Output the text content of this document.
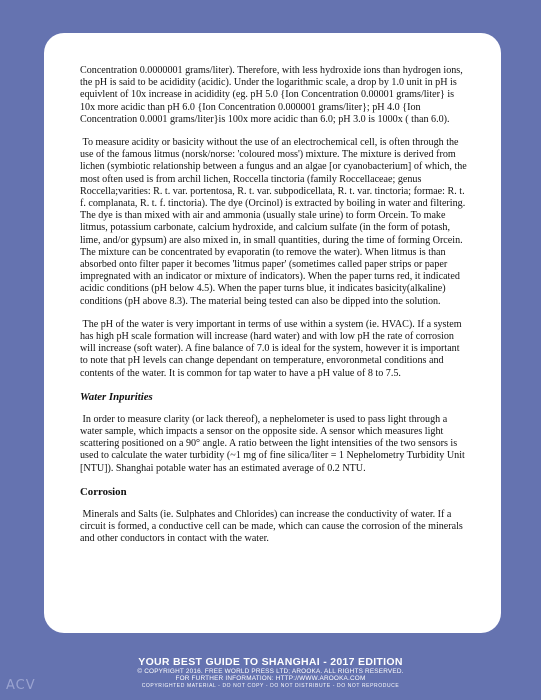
Concentration 0.0000001 grams/liter). Therefore, with less hydroxide ions than hydrogen ions, the pH is said to be acididity (acidic). Under the logarithmic scale, a drop by 1.0 unit in pH is equivlent of 10x increase in acididity (eg. pH 5.0 {Ion Concentration 0.00001 grams/liter} is 10x more acidic than pH 6.0 {Ion Concentration 0.000001 grams/liter}; pH 4.0 {Ion Concentration 0.0001 grams/liter}is 100x more acidic than 6.0; pH 3.0 is 1000x ( than 6.0).

To measure acidity or basicity without the use of an electrochemical cell, is often through the use of the famous litmus (norsk/norse: 'coloured moss') mixture. The mixture is derived from lichen (symbiotic relationship between a fungus and an algae [or cyanobacterium] of which, the most often used is from archil lichen, Roccella tinctoria (family Roccellaceae; genus Roccella;varities: R. t. var. portentosa, R. t. var. subpodicellata, R. t. var. tinctoria; formae: R. t. f. complanata, R. t. f. tinctoria). The dye (Orcinol) is extracted by boiling in water and filtering. The dye is than mixed with air and ammonia (usually stale urine) to form Orcein. To make litmus, potassium carbonate, calcium hydroxide, and calcium sulfate (in the form of potash, lime, and/or gypsum) are also mixed in, in small quantities, during the time of forming Orcein. The mixture can be concentrated by evaporatin (to remove the water). When litmus is than absorbed onto filter paper it becomes 'litmus paper' (sometimes called paper strips or paper impregnated with an indicator or mixture of indicators). When the paper turns red, it indicated acidic conditions (pH below 4.5). When the paper turns blue, it indicates basicity(alkaline) conditions (pH above 8.3). The material being tested can also be dipped into the solution.

The pH of the water is very important in terms of use within a system (ie. HVAC). If a system has high pH scale formation will increase (hard water) and with low pH the rate of corrosion will increase (soft water). A fine balance of 7.0 is ideal for the system, however it is important to note that pH levels can change dependant on temperature, envoronmetal conditions and contents of the water. It is common for tap water to have a pH value of 8 to 7.5.

Water Inpurities

In order to measure clarity (or lack thereof), a nephelometer is used to pass light through a water sample, which impacts a sensor on the opposite side. A sensor which measures light scattering positioned on a 90° angle. A ratio between the light intensities of the two sensors is used to calculate the water turbidity (~1 mg of fine silica/liter = 1 Nephelometry Turbidity Unit [NTU]). Shanghai potable water has an estimated average of 0.2 NTU.

Corrosion

Minerals and Salts (ie. Sulphates and Chlorides) can increase the conductivity of water. If a circuit is formed, a conductive cell can be made, which can cause the corrosion of the minerals and other conductors in contact with the water.

YOUR BEST GUIDE TO SHANGHAI - 2017 EDITION
© COPYRIGHT 2016. FREE WORLD PRESS LTD; AROOKA. ALL RIGHTS RESERVED.
FOR FURTHER INFORMATION: HTTP://WWW.AROOKA.COM
COPYRIGHTED MATERIAL - DO NOT COPY - DO NOT DISTRIBUTE - DO NOT REPRODUCE
ACV
